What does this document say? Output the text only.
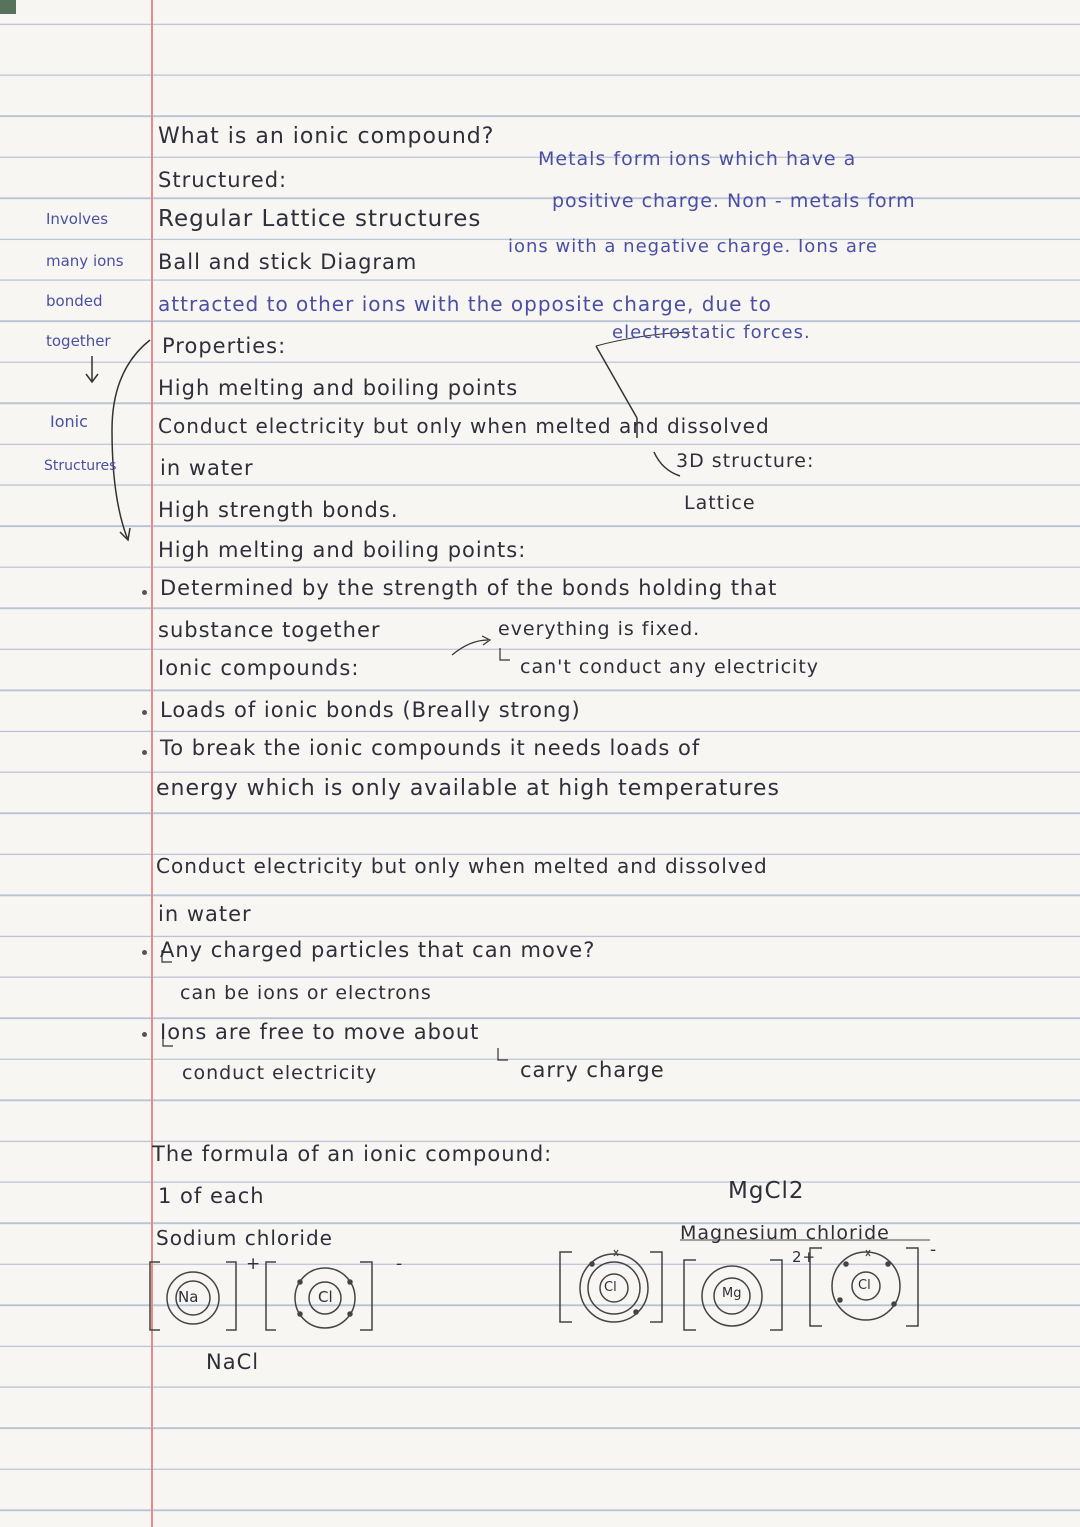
What is an ionic compound?
Structured:
Regular Lattice structures
Ball and stick Diagram
attracted to other ions with the opposite charge, due to
Properties:
High melting and boiling points
Conduct electricity but only when melted and dissolved
in water
High strength bonds.
Involves
many ions
bonded
together
Ionic
Structures
Metals form ions which have a
positive charge. Non - metals form
ions with a negative charge. Ions are
electrostatic forces.
3D structure:
Lattice
High melting and boiling points:
Determined by the strength of the bonds holding that
substance together	everything is fixed.
Ionic compounds:	can't conduct any electricity
Loads of ionic bonds (Breally strong)
To break the ionic compounds it needs loads of
energy which is only available at high temperatures
Conduct electricity but only when melted and dissolved
in water
Any charged particles that can move?
can be ions or electrons
Ions are free to move about
conduct electricity	carry charge
The formula of an ionic compound:
1 of each
Sodium chloride
Na	Cl
+	-
NaCl
MgCl2
Magnesium chloride
Mg
Cl	Cl
2+	-
